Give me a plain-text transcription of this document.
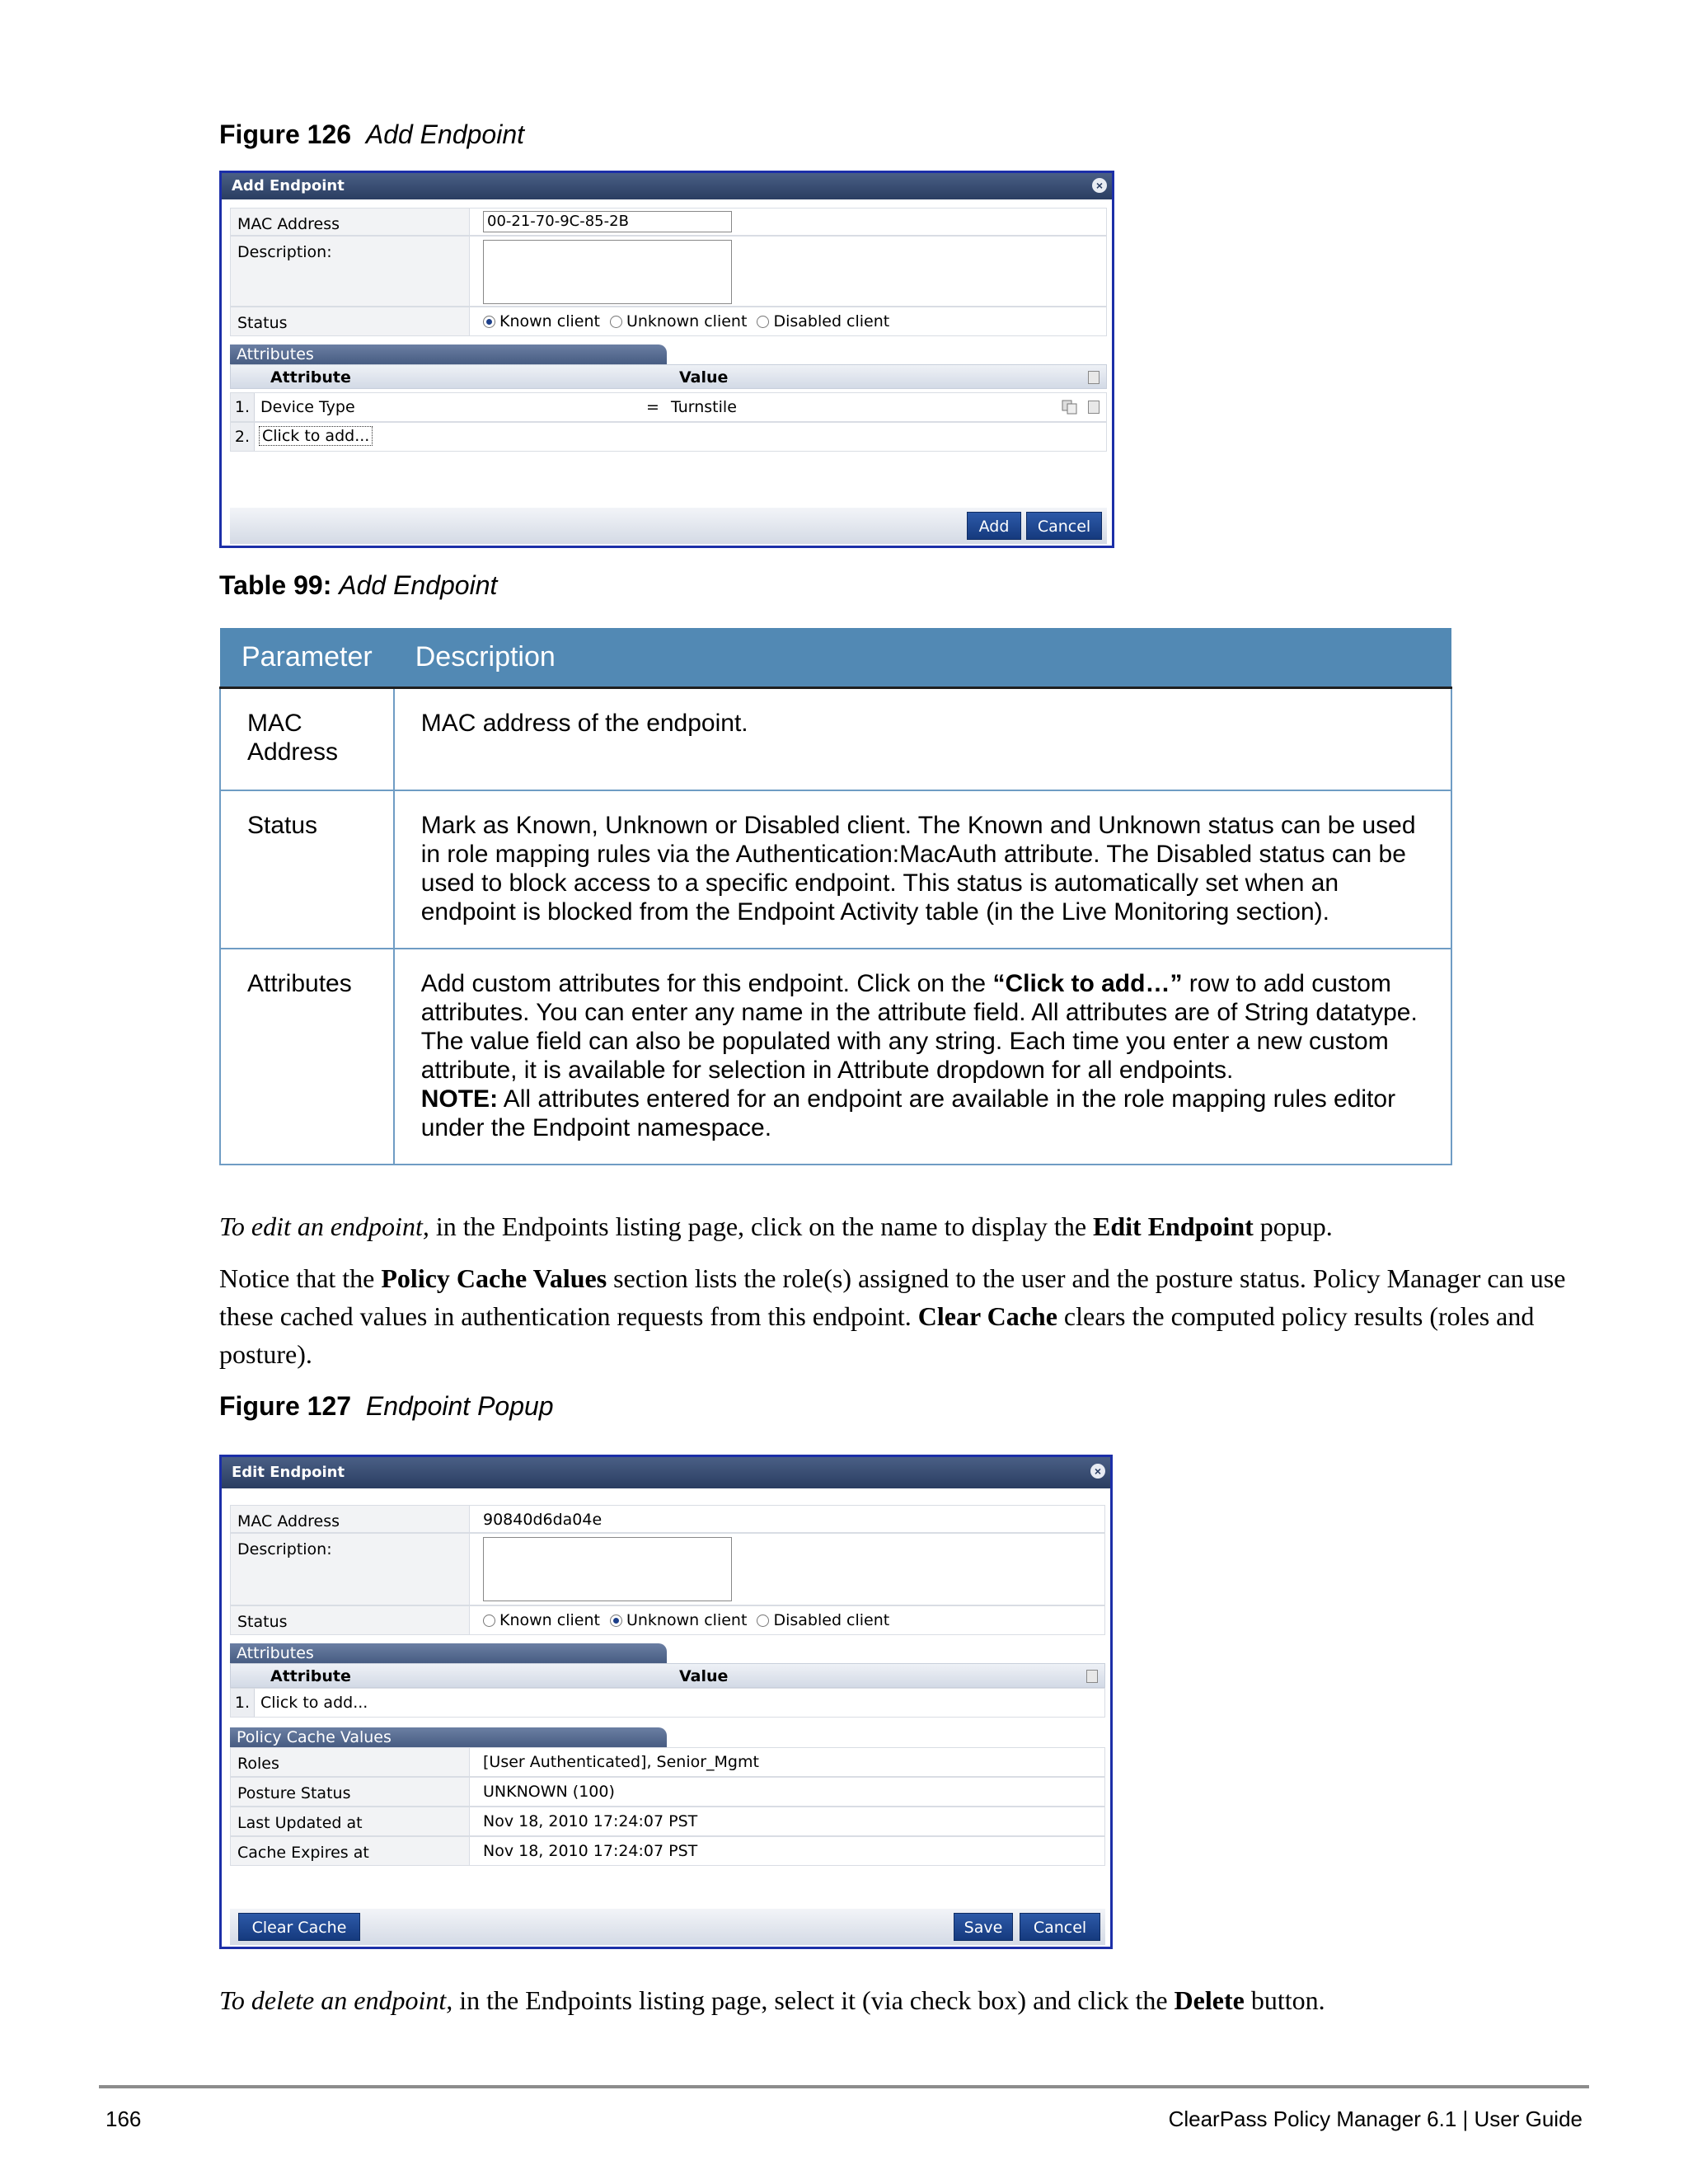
Figure 126 Add Endpoint
Add Endpoint	×
MAC Address	00-21-70-9C-85-2B
Description:
Status	Known client Unknown client Disabled client
Attributes
Attribute	Value
1. Device Type	= Turnstile
2. Click to add...
Add	Cancel
Table 99: Add Endpoint
Parameter	Description
MAC Address	MAC address of the endpoint.
Status	Mark as Known, Unknown or Disabled client. The Known and Unknown status can be used in role mapping rules via the Authentication:MacAuth attribute. The Disabled status can be used to block access to a specific endpoint. This status is automatically set when an endpoint is blocked from the Endpoint Activity table (in the Live Monitoring section).
Attributes	Add custom attributes for this endpoint. Click on the “Click to add…” row to add custom attributes. You can enter any name in the attribute field. All attributes are of String datatype. The value field can also be populated with any string. Each time you enter a new custom attribute, it is available for selection in Attribute dropdown for all endpoints.
NOTE: All attributes entered for an endpoint are available in the role mapping rules editor under the Endpoint namespace.
To edit an endpoint, in the Endpoints listing page, click on the name to display the Edit Endpoint popup.
Notice that the Policy Cache Values section lists the role(s) assigned to the user and the posture status. Policy Manager can use these cached values in authentication requests from this endpoint. Clear Cache clears the computed policy results (roles and posture).
Figure 127 Endpoint Popup
Edit Endpoint	×
MAC Address	90840d6da04e
Description:
Status	Known client Unknown client Disabled client
Attributes
Attribute	Value
1. Click to add...
Policy Cache Values
Roles	[User Authenticated], Senior_Mgmt
Posture Status	UNKNOWN (100)
Last Updated at	Nov 18, 2010 17:24:07 PST
Cache Expires at	Nov 18, 2010 17:24:07 PST
Clear Cache	Save	Cancel
To delete an endpoint, in the Endpoints listing page, select it (via check box) and click the Delete button.
166	ClearPass Policy Manager 6.1 | User Guide
